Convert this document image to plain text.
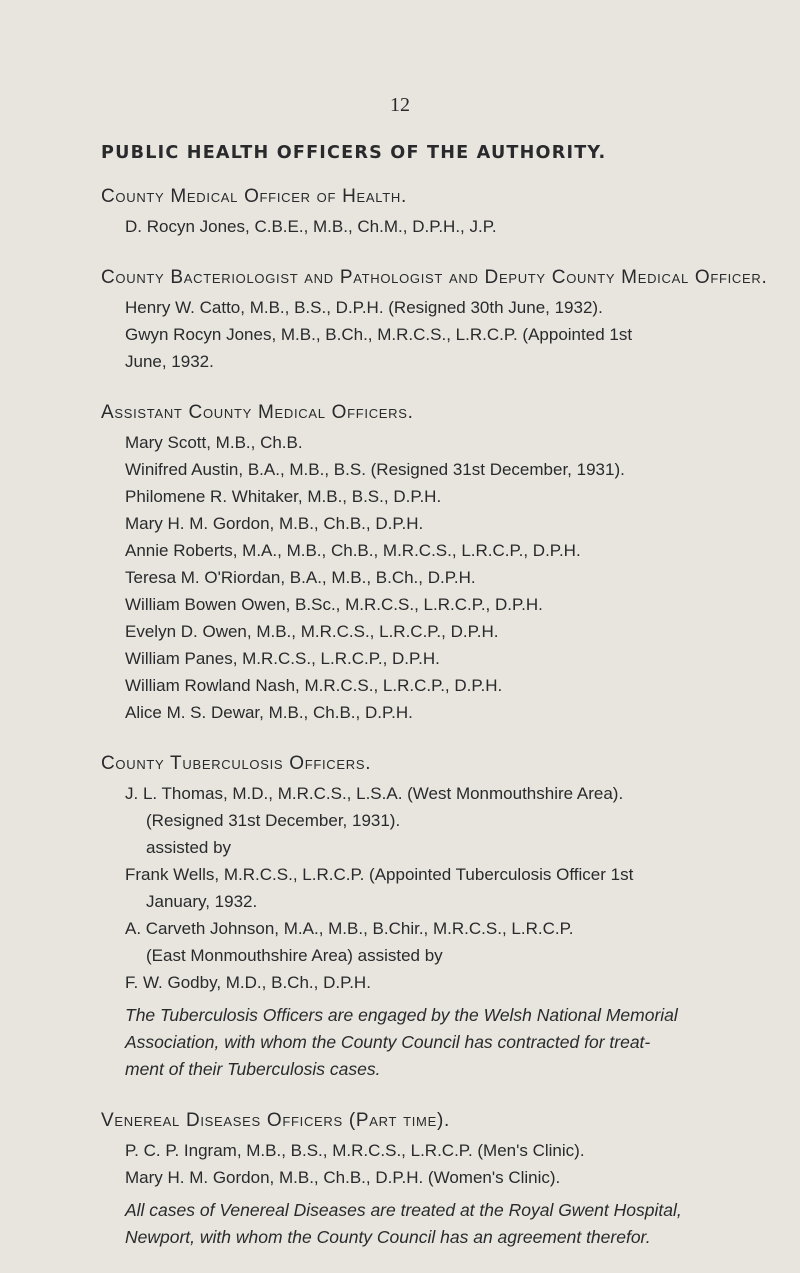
12
PUBLIC HEALTH OFFICERS OF THE AUTHORITY.
County Medical Officer of Health.
D. Rocyn Jones, C.B.E., M.B., Ch.M., D.P.H., J.P.
County Bacteriologist and Pathologist and Deputy County Medical Officer.
Henry W. Catto, M.B., B.S., D.P.H. (Resigned 30th June, 1932).
Gwyn Rocyn Jones, M.B., B.Ch., M.R.C.S., L.R.C.P. (Appointed 1st
June, 1932.
Assistant County Medical Officers.
Mary Scott, M.B., Ch.B.
Winifred Austin, B.A., M.B., B.S. (Resigned 31st December, 1931).
Philomene R. Whitaker, M.B., B.S., D.P.H.
Mary H. M. Gordon, M.B., Ch.B., D.P.H.
Annie Roberts, M.A., M.B., Ch.B., M.R.C.S., L.R.C.P., D.P.H.
Teresa M. O'Riordan, B.A., M.B., B.Ch., D.P.H.
William Bowen Owen, B.Sc., M.R.C.S., L.R.C.P., D.P.H.
Evelyn D. Owen, M.B., M.R.C.S., L.R.C.P., D.P.H.
William Panes, M.R.C.S., L.R.C.P., D.P.H.
William Rowland Nash, M.R.C.S., L.R.C.P., D.P.H.
Alice M. S. Dewar, M.B., Ch.B., D.P.H.
County Tuberculosis Officers.
J. L. Thomas, M.D., M.R.C.S., L.S.A. (West Monmouthshire Area).
(Resigned 31st December, 1931).
assisted by
Frank Wells, M.R.C.S., L.R.C.P. (Appointed Tuberculosis Officer 1st
January, 1932.
A. Carveth Johnson, M.A., M.B., B.Chir., M.R.C.S., L.R.C.P.
(East Monmouthshire Area) assisted by
F. W. Godby, M.D., B.Ch., D.P.H.
The Tuberculosis Officers are engaged by the Welsh National Memorial
Association, with whom the County Council has contracted for treat-
ment of their Tuberculosis cases.
Venereal Diseases Officers (Part time).
P. C. P. Ingram, M.B., B.S., M.R.C.S., L.R.C.P. (Men's Clinic).
Mary H. M. Gordon, M.B., Ch.B., D.P.H. (Women's Clinic).
All cases of Venereal Diseases are treated at the Royal Gwent Hospital,
Newport, with whom the County Council has an agreement therefor.
